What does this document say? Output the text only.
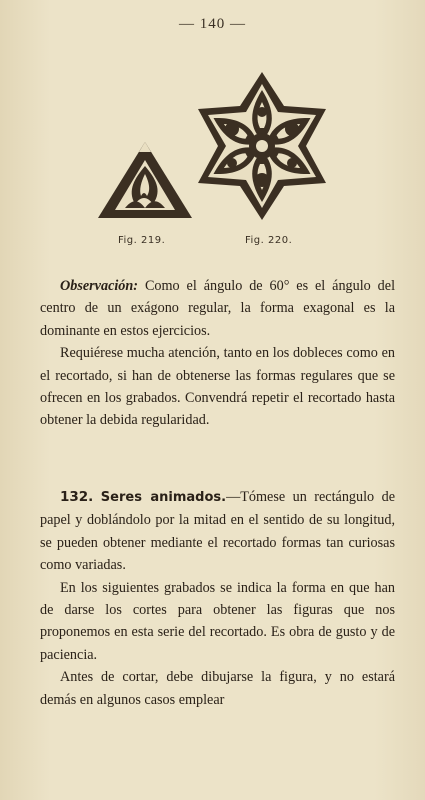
— 140 —
Fig. 219.	Fig. 220.

Observación: Como el ángulo de 60° es el ángulo del centro de un exágono regular, la forma exagonal es la dominante en estos ejercicios.

Requiérese mucha atención, tanto en los dobleces como en el recortado, si han de obtenerse las formas regulares que se ofrecen en los grabados. Convendrá repetir el recortado hasta obtener la debida regularidad.

132. Seres animados.—Tómese un rectángulo de papel y doblándolo por la mitad en el sentido de su longitud, se pueden obtener mediante el recortado formas tan curiosas como variadas.

En los siguientes grabados se indica la forma en que han de darse los cortes para obtener las figuras que nos proponemos en esta serie del recortado. Es obra de gusto y de paciencia.

Antes de cortar, debe dibujarse la figura, y no estará demás en algunos casos emplear
